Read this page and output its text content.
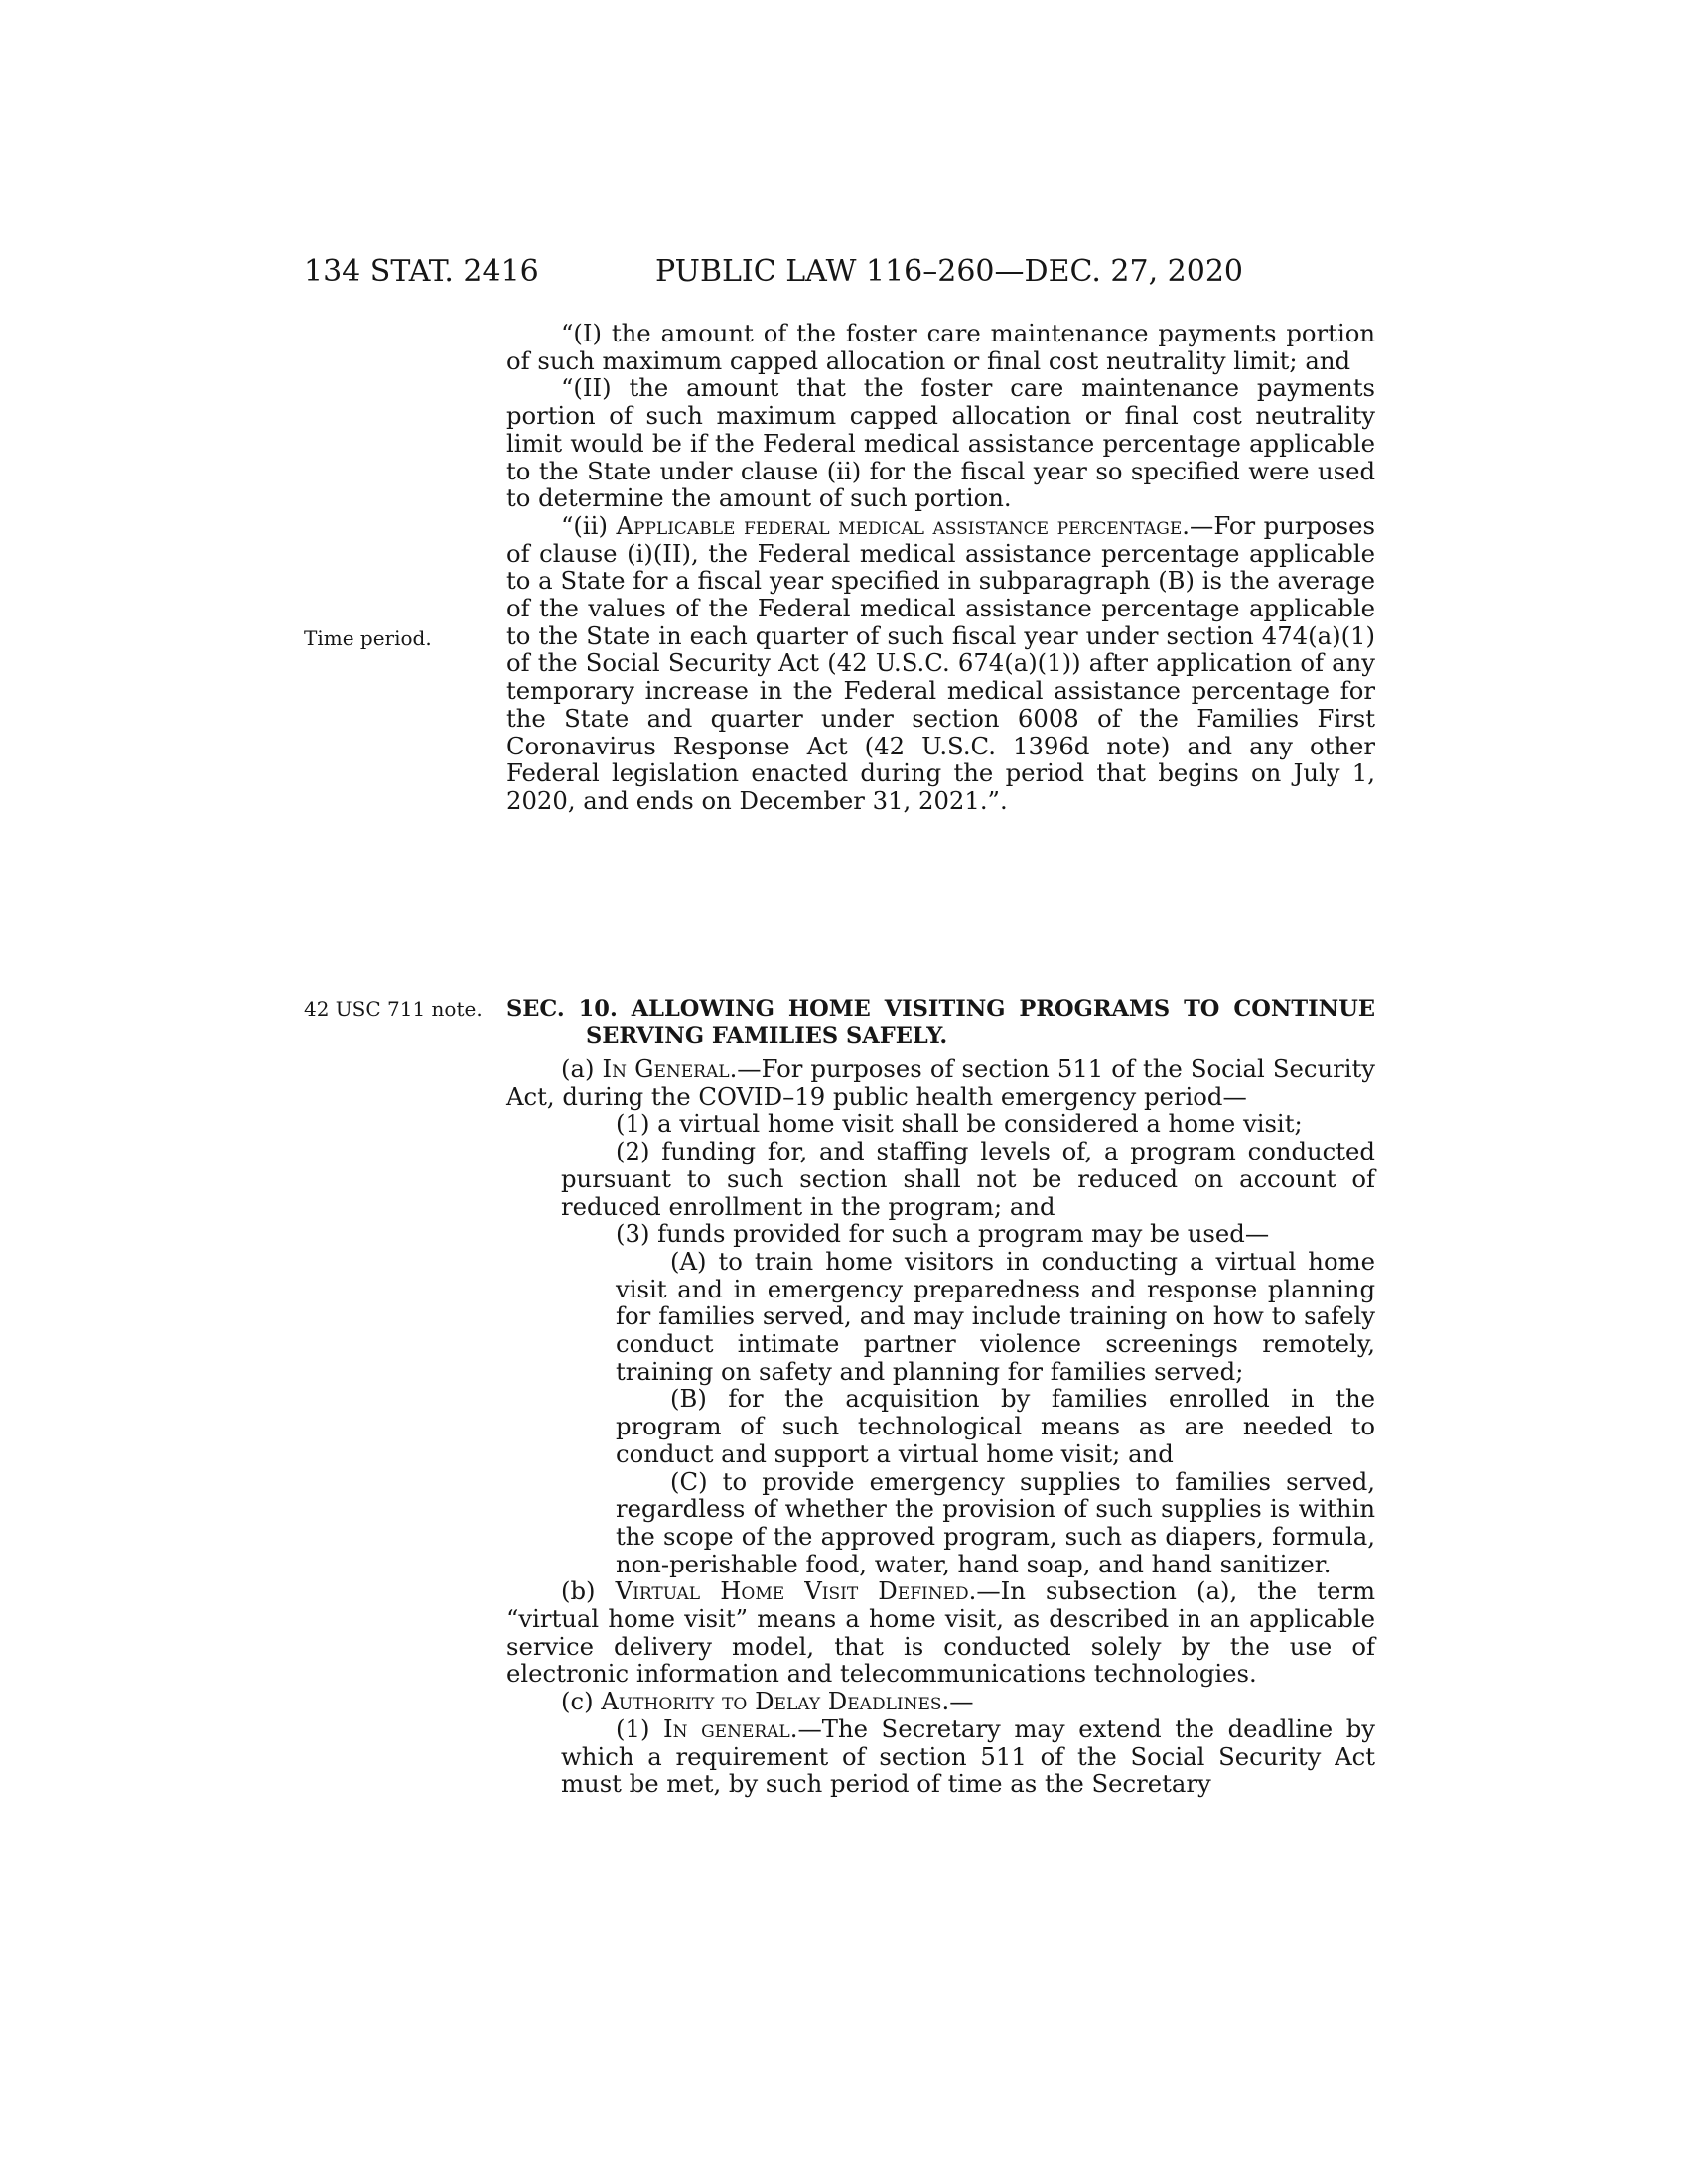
134 STAT. 2416	PUBLIC LAW 116–260—DEC. 27, 2020
Time period.
42 USC 711 note.

“(I) the amount of the foster care maintenance payments portion of such maximum capped allocation or final cost neutrality limit; and

“(II) the amount that the foster care maintenance payments portion of such maximum capped allocation or final cost neutrality limit would be if the Federal medical assistance percentage applicable to the State under clause (ii) for the fiscal year so specified were used to determine the amount of such portion.

“(ii) Applicable federal medical assistance percentage.—For purposes of clause (i)(II), the Federal medical assistance percentage applicable to a State for a fiscal year specified in subparagraph (B) is the average of the values of the Federal medical assistance percentage applicable to the State in each quarter of such fiscal year under section 474(a)(1) of the Social Security Act (42 U.S.C. 674(a)(1)) after application of any temporary increase in the Federal medical assistance percentage for the State and quarter under section 6008 of the Families First Coronavirus Response Act (42 U.S.C. 1396d note) and any other Federal legislation enacted during the period that begins on July 1, 2020, and ends on December 31, 2021.”.

SEC. 10. ALLOWING HOME VISITING PROGRAMS TO CONTINUE SERVING FAMILIES SAFELY.

(a) In General.—For purposes of section 511 of the Social Security Act, during the COVID–19 public health emergency period—

(1) a virtual home visit shall be considered a home visit;

(2) funding for, and staffing levels of, a program conducted pursuant to such section shall not be reduced on account of reduced enrollment in the program; and

(3) funds provided for such a program may be used—

(A) to train home visitors in conducting a virtual home visit and in emergency preparedness and response planning for families served, and may include training on how to safely conduct intimate partner violence screenings remotely, training on safety and planning for families served;

(B) for the acquisition by families enrolled in the program of such technological means as are needed to conduct and support a virtual home visit; and

(C) to provide emergency supplies to families served, regardless of whether the provision of such supplies is within the scope of the approved program, such as diapers, formula, non-perishable food, water, hand soap, and hand sanitizer.

(b) Virtual Home Visit Defined.—In subsection (a), the term “virtual home visit” means a home visit, as described in an applicable service delivery model, that is conducted solely by the use of electronic information and telecommunications technologies.

(c) Authority to Delay Deadlines.—

(1) In general.—The Secretary may extend the deadline by which a requirement of section 511 of the Social Security Act must be met, by such period of time as the Secretary
